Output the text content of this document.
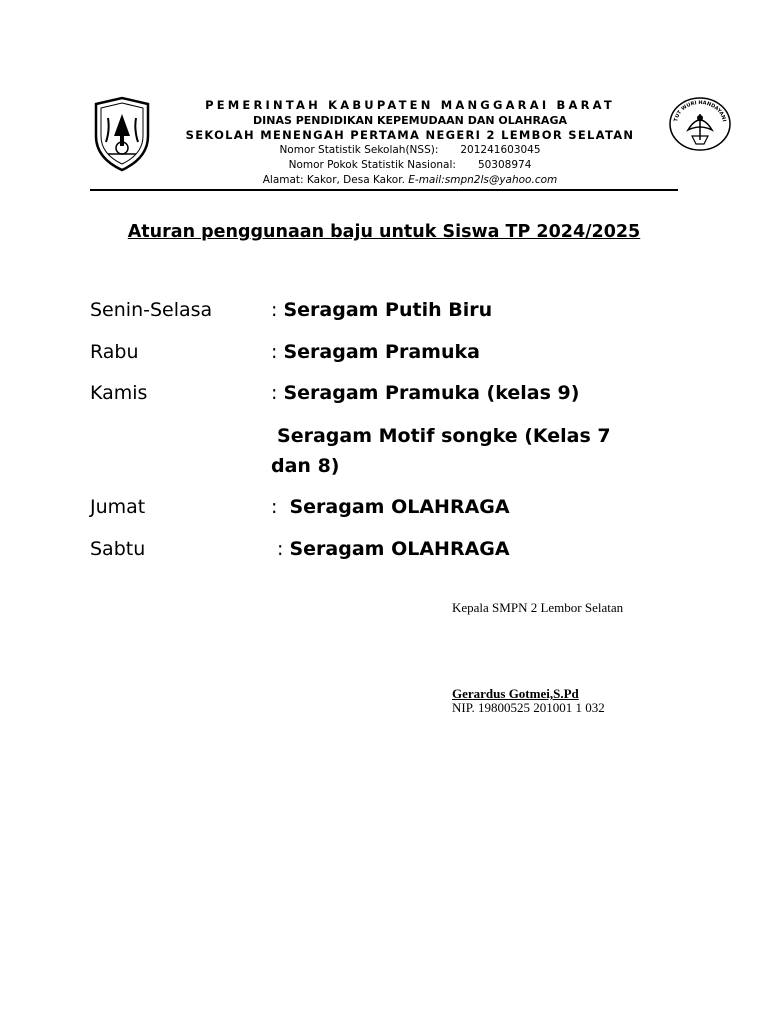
PEMERINTAH KABUPATEN MANGGARAI BARAT
DINAS PENDIDIKAN KEPEMUDAAN DAN OLAHRAGA
SEKOLAH MENENGAH PERTAMA NEGERI 2 LEMBOR SELATAN
Nomor Statistik Sekolah(NSS): 201241603045
Nomor Pokok Statistik Nasional: 50308974
Alamat: Kakor, Desa Kakor. E-mail:smpn2ls@yahoo.com
TUT WURI HANDAYANI
Aturan penggunaan baju untuk Siswa TP 2024/2025
Senin-Selasa	: Seragam Putih Biru
Rabu	: Seragam Pramuka
Kamis	: Seragam Pramuka (kelas 9)
Seragam Motif songke (Kelas 7 dan 8)
Jumat	:  Seragam OLAHRAGA
Sabtu	: Seragam OLAHRAGA
Kepala SMPN 2 Lembor Selatan
Gerardus Gotmei,S.Pd
NIP. 19800525 201001 1 032
